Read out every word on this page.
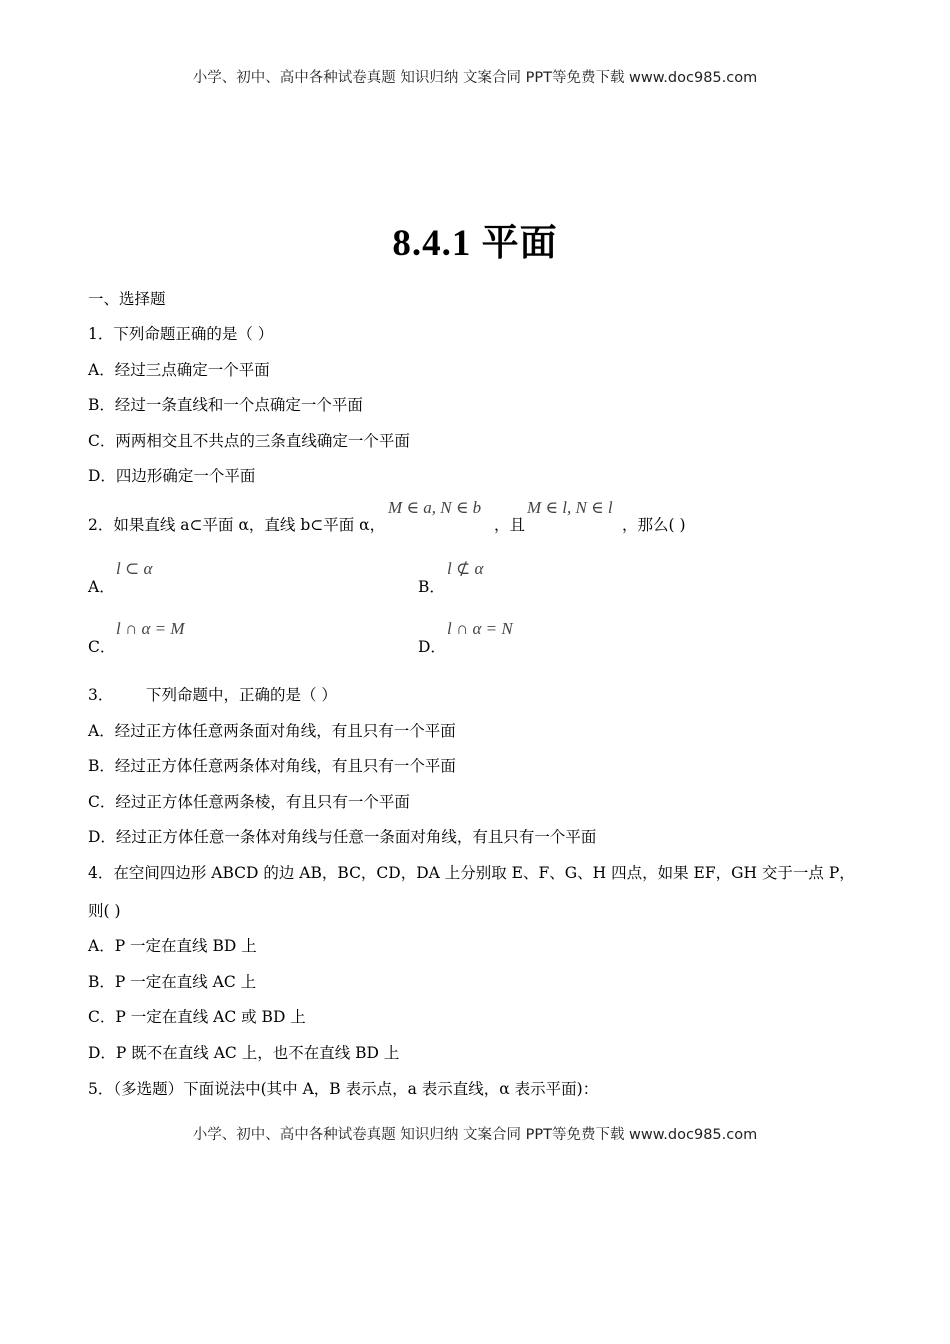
小学、初中、高中各种试卷真题 知识归纳 文案合同 PPT等免费下载 www.doc985.com
8.4.1 平面
一、选择题
1．下列命题正确的是（ ）
A．经过三点确定一个平面
B．经过一条直线和一个点确定一个平面
C．两两相交且不共点的三条直线确定一个平面
D．四边形确定一个平面
2．如果直线 a⊂平面 α，直线 b⊂平面 α，
M ∈ a, N ∈ b
，且
M ∈ l, N ∈ l
，那么( )
A．
l ⊂ α
B．
l ⊄ α
C．
l ∩ α = M
D．
l ∩ α = N
3． 下列命题中，正确的是（ ）
A．经过正方体任意两条面对角线，有且只有一个平面
B．经过正方体任意两条体对角线，有且只有一个平面
C．经过正方体任意两条棱，有且只有一个平面
D．经过正方体任意一条体对角线与任意一条面对角线，有且只有一个平面
4．在空间四边形 ABCD 的边 AB，BC，CD，DA 上分别取 E、F、G、H 四点，如果 EF，GH 交于一点 P，
则( )
A．P 一定在直线 BD 上
B．P 一定在直线 AC 上
C．P 一定在直线 AC 或 BD 上
D．P 既不在直线 AC 上，也不在直线 BD 上
5．（多选题）下面说法中(其中 A，B 表示点，a 表示直线，α 表示平面)：
小学、初中、高中各种试卷真题 知识归纳 文案合同 PPT等免费下载 www.doc985.com
